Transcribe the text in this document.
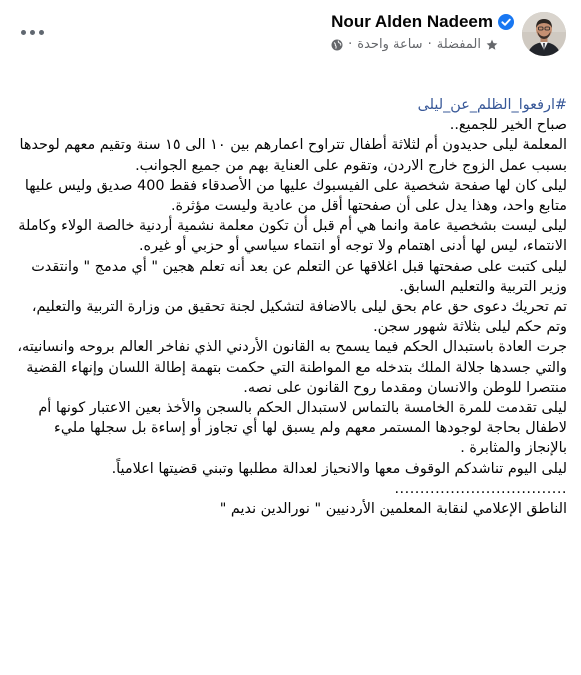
Nour Alden Nadeem
المفضلة
·
ساعة واحدة
·

#ارفعوا_الظلم_عن_ليلى

صباح الخير للجميع..

المعلمة ليلى حديدون أم لثلاثة أطفال تتراوح اعمارهم بين ١٠ الى ١٥ سنة وتقيم معهم لوحدها بسبب عمل الزوج خارج الاردن، وتقوم على العناية بهم من جميع الجوانب.

ليلى كان لها صفحة شخصية على الفيسبوك عليها من الأصدقاء فقط 400 صديق وليس عليها متابع واحد، وهذا يدل على أن صفحتها أقل من عادية وليست مؤثرة.

ليلى ليست بشخصية عامة وانما هي أم قبل أن تكون معلمة نشمية أردنية خالصة الولاء وكاملة الانتماء، ليس لها أدنى اهتمام ولا توجه أو انتماء سياسي أو حزبي أو غيره.

ليلى كتبت على صفحتها قبل اغلاقها عن التعلم عن بعد أنه تعلم هجين " أي مدمج " وانتقدت وزير التربية والتعليم السابق.

تم تحريك دعوى حق عام بحق ليلى بالاضافة لتشكيل لجنة تحقيق من وزارة التربية والتعليم، وتم حكم ليلى بثلاثة شهور سجن.

جرت العادة باستبدال الحكم فيما يسمح به القانون الأردني الذي نفاخر العالم بروحه وانسانيته، والتي جسدها جلالة الملك بتدخله مع المواطنة التي حكمت بتهمة إطالة اللسان وإنهاء القضية منتصرا للوطن والانسان ومقدما روح القانون على نصه.

ليلى تقدمت للمرة الخامسة بالتماس لاستبدال الحكم بالسجن والأخذ بعين الاعتبار كونها أم لاطفال بحاجة لوجودها المستمر معهم ولم يسبق لها أي تجاوز أو إساءة بل سجلها مليء بالإنجاز والمثابرة .

ليلى اليوم تناشدكم الوقوف معها والانحياز لعدالة مطلبها وتبني قضيتها اعلامياً.

..................................

الناطق الإعلامي لنقابة المعلمين الأردنيين " نورالدين نديم "
